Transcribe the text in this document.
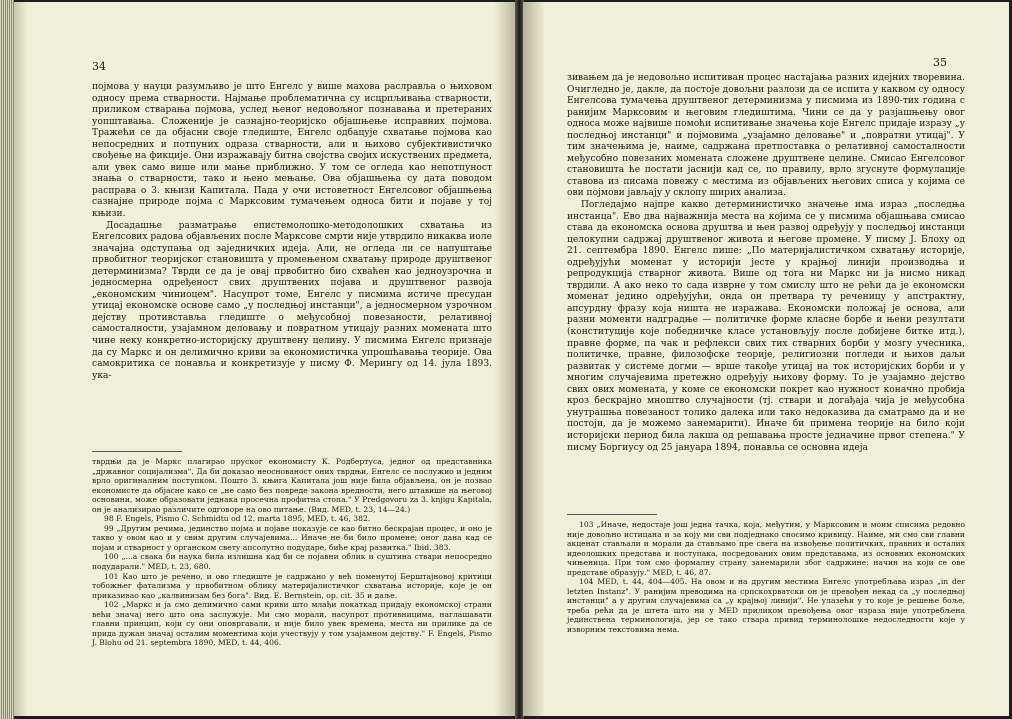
34

појмова у науци разумљиво је што Енгелс у више махова раслравља о њиховом односу према стварности. Најмање проблематична су исцрпљивања стварности, приликом стварања појмова, услед њеног недовољног познавања и претераних уопштавања. Сложеније је сазнајно-теоријско објашњење исправних појмова. Тражећи се да објасни своје гледиште, Енгелс одбацује схватање појмова као непосредних и потпуних одраза стварности, али и њихово субјективистичко свођење на фикције. Они изражавају битна својства својих искуствених предмета, али увек само више или мање приближно. У том се огледа као непотпуност знања о стварности, тако и њено мењање. Ова објашњења су дата поводом расправа о 3. књизи Капитала. Пада у очи истоветност Енгелсовог објашњења сазнајне природе појма с Марксовим тумачењем односа бити и појаве у тој књизи.

Досадашње разматрање епистемолошко-методолошких схватања из Енгелсових радова објављених после Марксове смрти није утврдило никаква иоле значајна одступања од заједничких идеја. Али, не огледа ли се напуштање првобитног теоријског становишта у промењеном схватању природе друштвеног детерминизма? Тврди се да је овај првобитно био схваћен као једноузрочна и једносмерна одређеност свих друштвених појава и друштвеног развоја „економским чиниоцем". Насупрот томе, Енгелс у писмима истиче пресудан утицај економске основе само „у последњој инстанци", а једносмерном узрочном дејству противставља гледиште о међусобној повезаности, релативној самосталности, узајамном деловању и повратном утицају разних момената што чине неку конкретно-историјску друштвену целину. У писмима Енгелс признаје да су Маркс и он делимично криви за економистичка упрошћавања теорије. Ова самокритика се понавља и конкретизује у писму Ф. Мерингу од 14. јула 1893. ука-

тврдњи да је Маркс плагирао пруског економисту К. Родбертуса, једног од представника „државног социјализма". Да би доказао неоснованост оних тврдњи, Енгелс се послужио и једним врло оригиналним поступком. Пошто 3. књига Капитала још није била објављена, он је позвао економисте да објасне како се „не само без повреде закона вредности, него штавише на његовој основини, може образовати једнака просечна профитна стопа." У Predgovoru za 3. knjigu Kapitala, он је анализирао различите одговоре на ово питање. (Вид. MED, t. 23, 14—24.)

98 F. Engels, Pismo C. Schmidtu od 12. marta 1895, MED, t. 46, 382.

99 „Другим речима, јединство појма и појаве показује се као битно бескрајан процес, и оно је такво у овом као и у свим другим случајевима... Иначе не би било промене; оног дана кад се појам и стварност у органском свету апсолутно подударе, биће крај развитка." Ibid. 383.

100 „...а свака би наука била излишна кад би се појавни облик и суштина ствари непосредно подударали." MED, t. 23, 680.

101 Као што је речено, и ово гледиште је садржано у већ поменутој Берштајновој критици тобожњег фатализма у првобитном облику материјалистичког схватања историје, које је он приказивао као „калвинизам без бога". Вид. E. Bernstein, op. cit. 35 и даље.

102 „Маркс и ја смо делимично сами криви што млађи покаткад придају економској страни већи значај него што она заслужује. Ми смо морали, насупрот противницима, наглашавати главни принцип, који су они оповргавали, и није било увек времена, места ни прилике да се прида дужан значај осталим моментима који учествују у том узајамном дејству." F. Engels, Pismo J. Blohu od 21. septembra 1890, MED, t. 44, 406.

35

зивањем да је недовољно испитиван процес настајања разних идејних творевина. Очигледно је, дакле, да постоје довољни разлози да се испита у каквом су односу Енгелсова тумачења друштвеног детерминизма у писмима из 1890-тих година с ранијим Марксовим и његовим гледиштима. Чини се да у разјашњењу овог односа може највише помоћи испитивање значења које Енгелс придаје изразу „у последњој инстанци" и појмовима „узајамно деловање" и „повратни утицај". У тим значењима је, наиме, садржана претпоставка о релативној самосталности међусобно повезаних момената сложене друштвене целине. Смисао Енгелсовог становишта ће постати јаснији кад се, по правилу, врло згуснуте формулације ставова из писама повежу с местима из објављених његових списа у којима се ови појмови јављају у склопу ширих анализа.

Погледајмо најпре какво детерминистичко значење има израз „последња инстанца". Ево два најважнија места на којима се у писмима објашњава смисао става да економска основа друштва и њен развој одређују у последњој инстанци целокупни садржај друштвеног живота и његове промене. У писму Ј. Блоху од 21. септембра 1890. Енгелс пише: „По материјалистичком схватању историје, одређујући моменат у историји јесте у крајњој линији производња и репродукција стварног живота. Више од тога ни Маркс ни ја нисмо никад тврдили. А ако неко то сада изврне у том смислу што не рећи да је економски моменат једино одређујући, онда он претвара ту реченицу у апстрактну, апсурдну фразу која ништа не изражава. Економски положај је основа, али разни моменти надградње — политичке форме класне борбе и њени резултати (конституције које победничке класе установљују после добијене битке итд.), правне форме, па чак и рефлекси свих тих стварних борби у мозгу учесника, политичке, правне, филозофске теорије, религиозни погледи и њихов даљи развитак у системе догми — врше такође утицај на ток историјских борби и у многим случајевима претежно одређују њихову форму. То је узајамно дејство свих ових момената, у коме се економски покрет као нужност коначно пробија кроз бескрајно мноштво случајности (тј. ствари и догађаја чија је међусобна унутрашња повезаност толико далека или тако недоказива да сматрамо да и не постоји, да је можемо занемарити). Иначе би примена теорије на било који историјски период била лакша од решавања просте једначине првог степена." У писму Боргиусу од 25 јануара 1894, понавља се основна идеја

103 „Иначе, недостаје још једна тачка, која, међутим, у Марксовим и моим списима редовно није довољно истицана и за коју ми сви подједнако сносимо кривицу. Наиме, ми смо сви главни акценат стављали и морали да стављамо пре свега на извођење политичких, правних и осталих идеолошких представа и поступака, посредованих овим представама, из основних економских чињеница. При том смо формалну страну занемарили због садржине: начин на који се ове представе образују." MED, t. 46, 87.

104 MED, t. 44, 404—405. На овом и на другим местима Енгелс употребљава израз „in der letzten Instanz". У ранијим преводима на српскохрватски он је превођен некад са „у последњој инстанци" а у другим случајевима са „у крајњој линији". Не улазећи у то које је решење боље, треба рећи да је штета што ни у MED приликом превођења овог израза није употребљена јединствена терминологија, јер се тако ствара привид терминолошке недоследности које у изворним текстовима нема.
